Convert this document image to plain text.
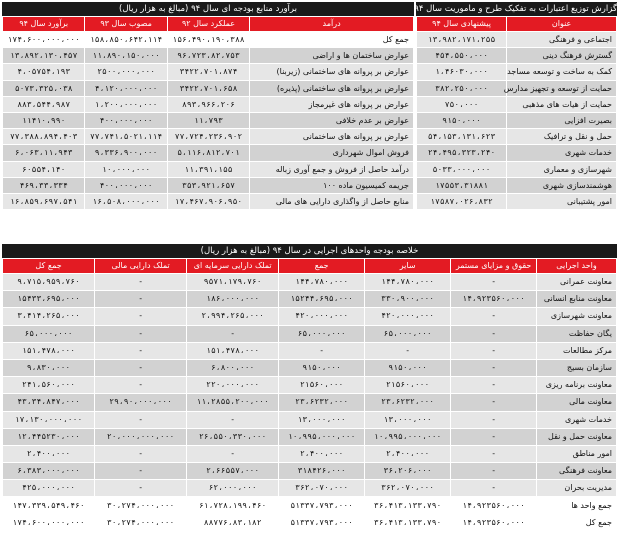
گزارش توزیع اعتبارات به تفکیک طرح و ماموریت سال ۹۴
عنوان	پیشنهادی سال ۹۴
اجتماعی و فرهنگی	۱۳،۹۸۲،۱۷۱،۲۵۵
گسترش فرهنگ دینی	۴۵۴،۵۵۰،۰۰۰
کمک به ساخت و توسعه مساجد	۱،۴۶۰۳۰،۰۰۰
حمایت از توسعه و تجهیز مدارس	۳۸۲،۲۵۰،۰۰۰
حمایت از هیات های مذهبی	۷۵۰،۰۰۰
بصیرت افزایی	۹۱۵۰،۰۰۰
حمل و نقل و ترافیک	۵۴،۱۵۳،۱۳۱،۶۲۳
خدمات شهری	۲۴،۴۹۵،۳۲۳،۲۴۰
شهرسازی و معماری	۵۰۳۳،۰۰۰،۰۰۰
هوشمندسازی شهری	۱۷۵۵۳،۳۱۸۸۱
امور پشتیبانی	۱۷۵۸۷،۰۲۶،۸۳۲
برآورد منابع بودجه ای سال ۹۴ (مبالغ به هزار ریال)
درآمد	عملکرد سال ۹۲	مصوب سال ۹۳	برآورد سال ۹۴
جمع کل	۱۵۶،۴۹۰،۱۹۰،۳۸۸	۱۵۸،۸۵۰،۶۴۲،۱۱۴	۱۷۴،۶۰۰،۰۰۰،۰۰۰
عوارض ساختمان ها و اراضی	۹۶،۷۲۳،۸۲،۷۵۳	۱۱،۸۹۰،۱۵۰،۰۰۰	۱۳،۸۹۲،۱۳۰،۴۵۷
عوارض بر پروانه های ساختمانی (زیربنا)	۳۴۲۲،۷۰۱،۸۷۴	۲۵۰۰،۰۰۰،۰۰۰	۴،۰۵۷۵۴،۱۹۳
عوارض بر پروانه های ساختمانی (پذیره)	۳۴۲۲،۷۰۱،۶۵۸	۴،۱۲۰،۰۰۰،۰۰۰	۵۰۷۳،۳۲۵،۰۳۸
عوارض بر پروانه های غیرمجاز	۸۹۳،۹۶۶،۲۰۶	۱،۲۰۰،۰۰۰،۰۰۰	۸۸۳،۵۴۴،۹۸۷
عوارض بر عدم خلافی	۱۱،۷۹۳	۴۰۰،۰۰۰،۰۰۰	۱۱۴۱۰،۹۹۰
عوارض بر پروانه های ساختمانی	۷۷،۷۲۴،۲۳۶،۹۰۲	۷۷،۷۴۱،۵۰۲۱،۱۱۴	۷۷،۳۸۸،۸۹۴،۴۰۳
فروش اموال شهرداری	۵،۱۱۶،۸۱۲،۷۰۱	۹،۳۳۶،۹۰۰،۰۰۰	۶،۰۶۳،۱۱،۹۴۳
درآمد حاصل از فروش و جمع آوری زباله	۱۱،۳۹۱،۱۵۵	۱۰،۰۰۰،۰۰۰	۶۰۵۵۴،۱۴۰
جریمه کمیسیون ماده ۱۰۰	۳۵۳،۹۲۱،۶۵۷	۴۰۰،۰۰۰،۰۰۰	۴۶۹،۳۳،۳۳۴
منابع حاصل از واگذاری دارایی های مالی	۱۷،۴۶۷،۹۰۶،۹۵۰	۱۶،۵۰۸،۰۰۰،۰۰۰	۱۶،۸۵۹،۶۹۷،۵۴۱
خلاصه بودجه واحدهای اجرایی در سال ۹۴ (مبالغ به هزار ریال)
واحد اجرایی	حقوق و مزایای مستمر	سایر	جمع	تملک دارایی سرمایه ای	تملک دارایی مالی	جمع کل
معاونت عمرانی	-	۱۴۴،۷۸۰،۰۰۰	۱۴۴،۷۸۰،۰۰۰	۹۵۷۱،۱۷۹،۷۶۰	-	۹،۷۱۵،۹۵۹،۷۶۰
معاونت منابع انسانی	۱۴،۹۲۳۵۶۰،۰۰۰	۳۳۰،۹۰۰،۰۰۰	۱۵۲۴۴،۶۹۵،۰۰۰	۱۸۶،۰۰۰،۰۰۰	-	۱۵۴۳۳،۶۹۵،۰۰۰
معاونت شهرسازی	-	۴۲۰،۰۰۰،۰۰۰	۴۲۰،۰۰۰،۰۰۰	۲،۹۹۴،۲۶۵،۰۰۰	-	۳،۴۱۴،۲۶۵،۰۰۰
یگان حفاظت	-	۶۵،۰۰۰،۰۰۰	۶۵،۰۰۰،۰۰۰	-	-	۶۵،۰۰۰،۰۰۰
مرکز مطالعات	-	-	-	۱۵۱،۴۷۸،۰۰۰	-	۱۵۱،۴۷۸،۰۰۰
سازمان بسیج	-	۹۱۵۰،۰۰۰	۹۱۵۰،۰۰۰	۶،۸۰۰،۰۰۰	-	۹،۸۳۰،۰۰۰
معاونت برنامه ریزی	-	۲۱۵۶۰،۰۰۰	۲۱۵۶۰،۰۰۰	۲۲۰،۰۰۰،۰۰۰	-	۲۴۱،۵۶۰،۰۰۰
معاونت مالی	-	۲۳،۶۲۳۲،۰۰۰	۲۳،۶۲۳۲،۰۰۰	۱۱،۲۸۵۵،۲۰۰،۰۰۰	۲۹،۹۰،۰۰۰،۰۰۰	۴۳،۳۴،۸۴۷،۰۰۰
خدمات شهری	-	۱۳،۰۰۰،۰۰۰	۱۳،۰۰۰،۰۰۰	-	-	۱۷،۱۳۰،۰۰۰،۰۰۰
معاونت حمل و نقل	-	۱۰،۹۹۵،۰۰۰،۰۰۰	۱۰،۹۹۵،۰۰۰،۰۰۰	۲۶،۵۵۰،۳۳۰،۰۰۰	۲۰،۰۰۰،۰۰۰،۰۰۰	۱۲،۴۴۵۲۳۰،۰۰۰
امور مناطق	-	۲،۴۰۰،۰۰۰	۲،۴۰۰،۰۰۰	-	-	۲،۴۰۰،۰۰۰
معاونت فرهنگی	-	۳۶،۲۰۶،۰۰۰	۳۱۸۴۲۶،۰۰۰	۲،۶۶۵۵۷،۰۰۰	-	۶،۳۸۳،۰۰۰،۰۰۰
مدیریت بحران	-	۳۶۲،۰۷۰،۰۰۰	۳۶۲،۰۷۰،۰۰۰	۶۲،۰۰۰،۰۰۰	-	۴۲۵،۰۰۰،۰۰۰
جمع واحد ها	۱۴،۹۲۳۵۶۰،۰۰۰	۳۶،۴۱۳،۱۳۳،۷۹۰	۵۱۳۳۷،۷۹۳،۰۰۰	۶۱،۷۲۸،۱۹۹،۴۶۰	۳۰،۲۷۴،۰۰۰،۰۰۰	۱۴۷،۳۳۹،۵۴۹،۴۶۰
جمع کل	۱۴،۹۲۳۵۶۰،۰۰۰	۳۶،۴۱۳،۱۳۳،۷۹۰	۵۱۳۳۷،۷۹۳،۰۰۰	۸۸۷۷۶،۸۳،۱۸۲	۳۰،۲۷۴،۰۰۰،۰۰۰	۱۷۴،۶۰۰،۰۰۰،۰۰۰
